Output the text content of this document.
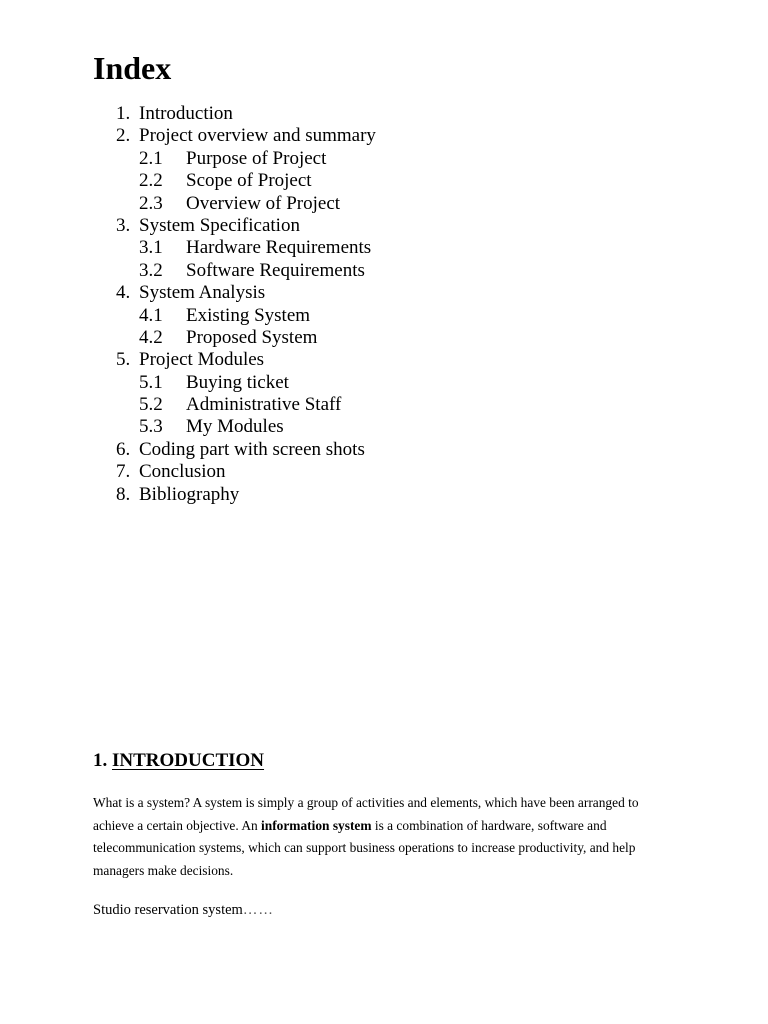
Index
1. Introduction
2. Project overview and summary
2.1 Purpose of Project
2.2 Scope of Project
2.3 Overview of Project
3. System Specification
3.1 Hardware Requirements
3.2 Software Requirements
4. System Analysis
4.1 Existing System
4.2 Proposed System
5. Project Modules
5.1 Buying ticket
5.2 Administrative Staff
5.3 My Modules
6. Coding part with screen shots
7. Conclusion
8. Bibliography
1. INTRODUCTION

What is a system? A system is simply a group of activities and elements, which have been arranged to
achieve a certain objective. An information system is a combination of hardware, software and
telecommunication systems, which can support business operations to increase productivity, and help
managers make decisions.

Studio reservation system……
